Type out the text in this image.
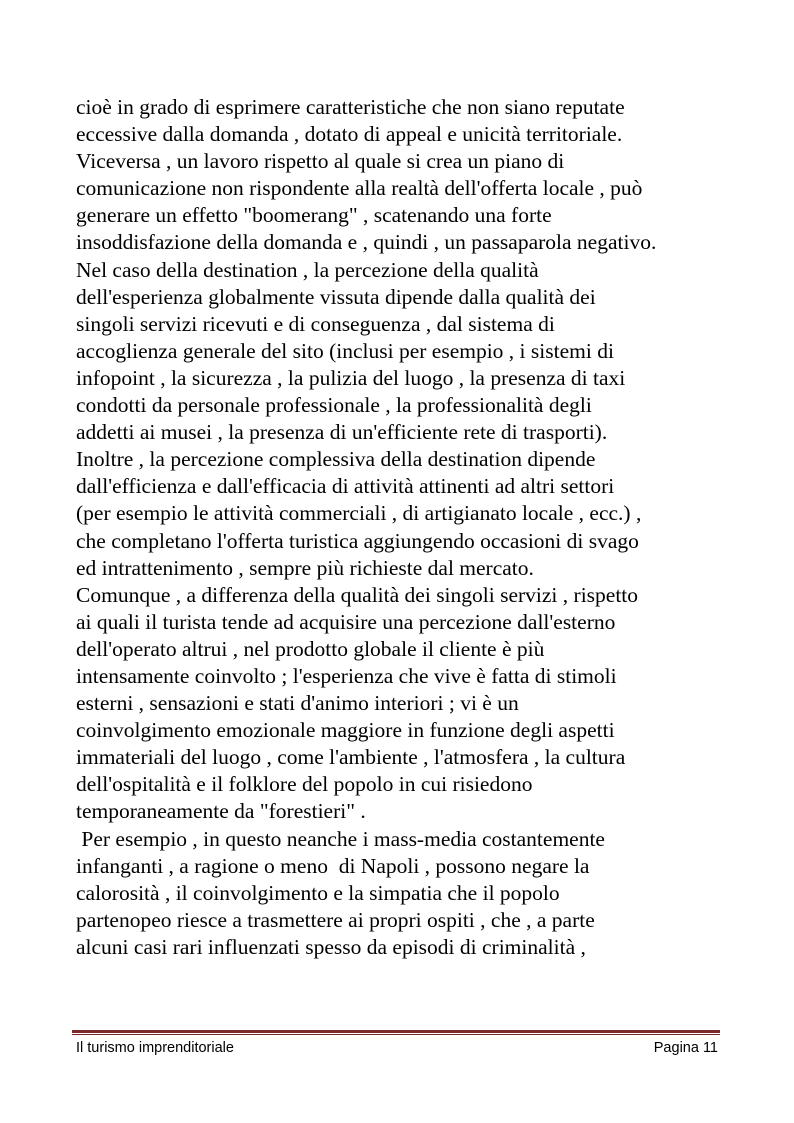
cioè in grado di esprimere caratteristiche che non siano reputate
eccessive dalla domanda , dotato di appeal e unicità territoriale.
Viceversa , un lavoro rispetto al quale si crea un piano di
comunicazione non rispondente alla realtà dell'offerta locale , può
generare un effetto "boomerang" , scatenando una forte
insoddisfazione della domanda e , quindi , un passaparola negativo.
Nel caso della destination , la percezione della qualità
dell'esperienza globalmente vissuta dipende dalla qualità dei
singoli servizi ricevuti e di conseguenza , dal sistema di
accoglienza generale del sito (inclusi per esempio , i sistemi di
infopoint , la sicurezza , la pulizia del luogo , la presenza di taxi
condotti da personale professionale , la professionalità degli
addetti ai musei , la presenza di un'efficiente rete di trasporti).
Inoltre , la percezione complessiva della destination dipende
dall'efficienza e dall'efficacia di attività attinenti ad altri settori
(per esempio le attività commerciali , di artigianato locale , ecc.) ,
che completano l'offerta turistica aggiungendo occasioni di svago
ed intrattenimento , sempre più richieste dal mercato.
Comunque , a differenza della qualità dei singoli servizi , rispetto
ai quali il turista tende ad acquisire una percezione dall'esterno
dell'operato altrui , nel prodotto globale il cliente è più
intensamente coinvolto ; l'esperienza che vive è fatta di stimoli
esterni , sensazioni e stati d'animo interiori ; vi è un
coinvolgimento emozionale maggiore in funzione degli aspetti
immateriali del luogo , come l'ambiente , l'atmosfera , la cultura
dell'ospitalità e il folklore del popolo in cui risiedono
temporaneamente da "forestieri" .
Per esempio , in questo neanche i mass-media costantemente
infanganti , a ragione o meno  di Napoli , possono negare la
calorosità , il coinvolgimento e la simpatia che il popolo
partenopeo riesce a trasmettere ai propri ospiti , che , a parte
alcuni casi rari influenzati spesso da episodi di criminalità ,
Il turismo imprenditoriale	Pagina 11
